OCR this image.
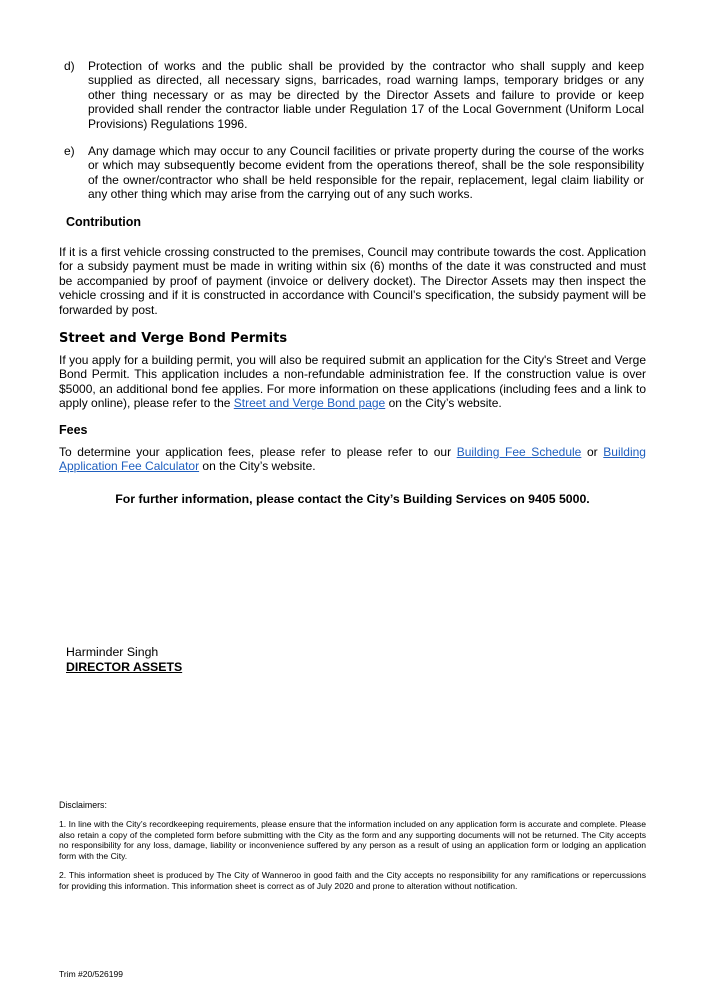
d) Protection of works and the public shall be provided by the contractor who shall supply and keep supplied as directed, all necessary signs, barricades, road warning lamps, temporary bridges or any other thing necessary or as may be directed by the Director Assets and failure to provide or keep provided shall render the contractor liable under Regulation 17 of the Local Government (Uniform Local Provisions) Regulations 1996.
e) Any damage which may occur to any Council facilities or private property during the course of the works or which may subsequently become evident from the operations thereof, shall be the sole responsibility of the owner/contractor who shall be held responsible for the repair, replacement, legal claim liability or any other thing which may arise from the carrying out of any such works.
Contribution
If it is a first vehicle crossing constructed to the premises, Council may contribute towards the cost. Application for a subsidy payment must be made in writing within six (6) months of the date it was constructed and must be accompanied by proof of payment (invoice or delivery docket). The Director Assets may then inspect the vehicle crossing and if it is constructed in accordance with Council’s specification, the subsidy payment will be forwarded by post.
Street and Verge Bond Permits
If you apply for a building permit, you will also be required submit an application for the City's Street and Verge Bond Permit. This application includes a non-refundable administration fee. If the construction value is over $5000, an additional bond fee applies. For more information on these applications (including fees and a link to apply online), please refer to the Street and Verge Bond page on the City’s website.
Fees
To determine your application fees, please refer to please refer to our Building Fee Schedule or Building Application Fee Calculator on the City’s website.
For further information, please contact the City’s Building Services on 9405 5000.
Harminder Singh
DIRECTOR ASSETS
Disclaimers:
1. In line with the City’s recordkeeping requirements, please ensure that the information included on any application form is accurate and complete. Please also retain a copy of the completed form before submitting with the City as the form and any supporting documents will not be returned. The City accepts no responsibility for any loss, damage, liability or inconvenience suffered by any person as a result of using an application form or lodging an application form with the City.
2. This information sheet is produced by The City of Wanneroo in good faith and the City accepts no responsibility for any ramifications or repercussions for providing this information. This information sheet is correct as of July 2020 and prone to alteration without notification.
Trim #20/526199
